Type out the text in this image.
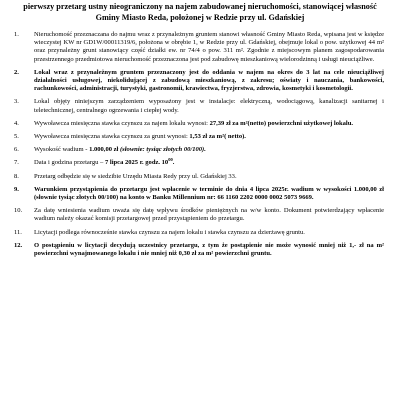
pierwszy przetarg ustny nieograniczony na najem zabudowanej nieruchomości, stanowiącej własność
Gminy Miasto Reda, położonej w Redzie przy ul. Gdańskiej
1.	Nieruchomość przeznaczana do najmu wraz z przynależnym gruntem stanowi własność Gminy Miasto Reda, wpisana jest w księdze wieczystej KW nr GD1W/00011319/6, położona w obrębie 1, w Redzie przy ul. Gdańskiej, obejmuje lokal o pow. użytkowej 44 m² oraz przynależny grunt stanowiący część działki ew. nr 74/4 o pow. 311 m². Zgodnie z miejscowym planem zagospodarowania przestrzennego przedmiotowa nieruchomość przeznaczona jest pod zabudowę mieszkaniową wielorodzinną i usługi nieuciążliwe.
2.	Lokal wraz z przynależnym gruntem przeznaczony jest do oddania w najem na okres do 3 lat na cele nieuciążliwej działalności usługowej, niekolidującej z zabudową mieszkaniową, z zakresu; oświaty i nauczania, bankowości, rachunkowości, administracji, turystyki, gastronomii, krawiectwa, fryzjerstwa, zdrowia, kosmetyki i kosmetologii.
3.	Lokal objęty niniejszym zarządzeniem wyposażony jest w instalacje: elektryczną, wodociągową, kanalizacji sanitarnej i teletechnicznej, centralnego ogrzewania i ciepłej wody.
4.	Wywoławcza miesięczna stawka czynszu za najem lokalu wynosi: 27,39 zł za m²(netto) powierzchni użytkowej lokalu.
5.	Wywoławcza miesięczna stawka czynszu za grunt wynosi: 1,53 zł za m²( netto).
6.	Wysokość wadium - 1.000,00 zł (słownie: tysiąc złotych 00/100).
7.	Data i godzina przetargu – 7 lipca 2025 r. godz. $10^{00}$.
8.	Przetarg odbędzie się w siedzibie Urzędu Miasta Redy przy ul. Gdańskiej 33.
9.	Warunkiem przystąpienia do przetargu jest wpłacenie w terminie do dnia 4 lipca 2025r. wadium w wysokości 1.000,00 zł (słownie tysiąc złotych 00/100) na konto w Banku Millennium nr: 66 1160 2202 0000 0002 5073 9669.
10.	Za datę wniesienia wadium uważa się datę wpływu środków pieniężnych na w/w konto. Dokument potwierdzający wpłacenie wadium należy okazać komisji przetargowej przed przystąpieniem do przetargu.
11.	Licytacji podlega równocześnie stawka czynszu za najem lokalu i stawka czynszu za dzierżawę gruntu.
12.	O postąpieniu w licytacji decydują uczestnicy przetargu, z tym że postąpienie nie może wynosić mniej niż 1,- zł na m² powierzchni wynajmowanego lokalu i nie mniej niż 0,30 zł za m² powierzchni gruntu.
